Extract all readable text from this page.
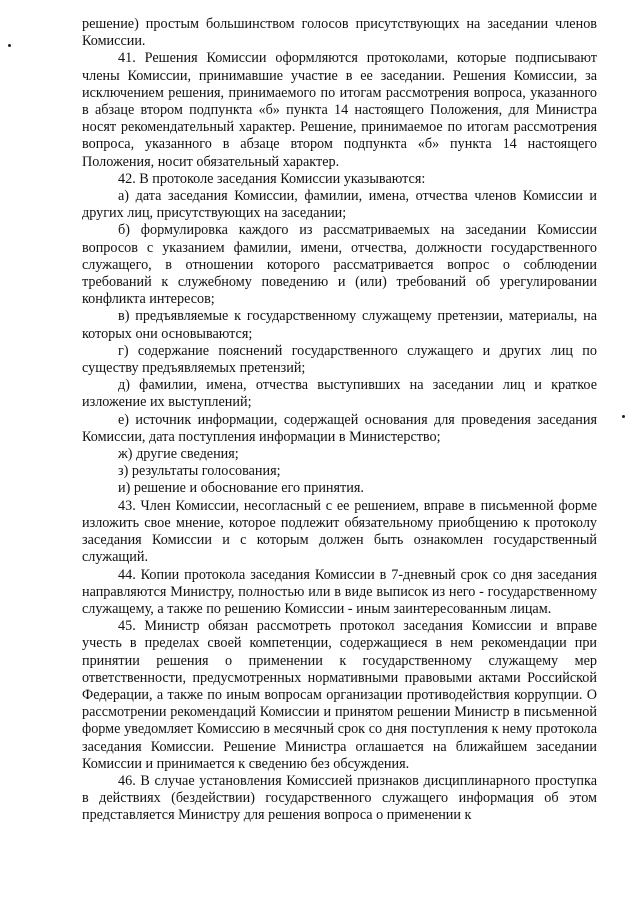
решение) простым большинством голосов присутствующих на заседании членов Комиссии.

41. Решения Комиссии оформляются протоколами, которые подписывают члены Комиссии, принимавшие участие в ее заседании. Решения Комиссии, за исключением решения, принимаемого по итогам рассмотрения вопроса, указанного в абзаце втором подпункта «б» пункта 14 настоящего Положения, для Министра носят рекомендательный характер. Решение, принимаемое по итогам рассмотрения вопроса, указанного в абзаце втором подпункта «б» пункта 14 настоящего Положения, носит обязательный характер.

42. В протоколе заседания Комиссии указываются:

а) дата заседания Комиссии, фамилии, имена, отчества членов Комиссии и других лиц, присутствующих на заседании;

б) формулировка каждого из рассматриваемых на заседании Комиссии вопросов с указанием фамилии, имени, отчества, должности государственного служащего, в отношении которого рассматривается вопрос о соблюдении требований к служебному поведению и (или) требований об урегулировании конфликта интересов;

в) предъявляемые к государственному служащему претензии, материалы, на которых они основываются;

г) содержание пояснений государственного служащего и других лиц по существу предъявляемых претензий;

д) фамилии, имена, отчества выступивших на заседании лиц и краткое изложение их выступлений;

е) источник информации, содержащей основания для проведения заседания Комиссии, дата поступления информации в Министерство;

ж) другие сведения;

з) результаты голосования;

и) решение и обоснование его принятия.

43. Член Комиссии, несогласный с ее решением, вправе в письменной форме изложить свое мнение, которое подлежит обязательному приобщению к протоколу заседания Комиссии и с которым должен быть ознакомлен государственный служащий.

44. Копии протокола заседания Комиссии в 7-дневный срок со дня заседания направляются Министру, полностью или в виде выписок из него - государственному служащему, а также по решению Комиссии - иным заинтересованным лицам.

45. Министр обязан рассмотреть протокол заседания Комиссии и вправе учесть в пределах своей компетенции, содержащиеся в нем рекомендации при принятии решения о применении к государственному служащему мер ответственности, предусмотренных нормативными правовыми актами Российской Федерации, а также по иным вопросам организации противодействия коррупции. О рассмотрении рекомендаций Комиссии и принятом решении Министр в письменной форме уведомляет Комиссию в месячный срок со дня поступления к нему протокола заседания Комиссии. Решение Министра оглашается на ближайшем заседании Комиссии и принимается к сведению без обсуждения.

46. В случае установления Комиссией признаков дисциплинарного проступка в действиях (бездействии) государственного служащего информация об этом представляется Министру для решения вопроса о применении к
